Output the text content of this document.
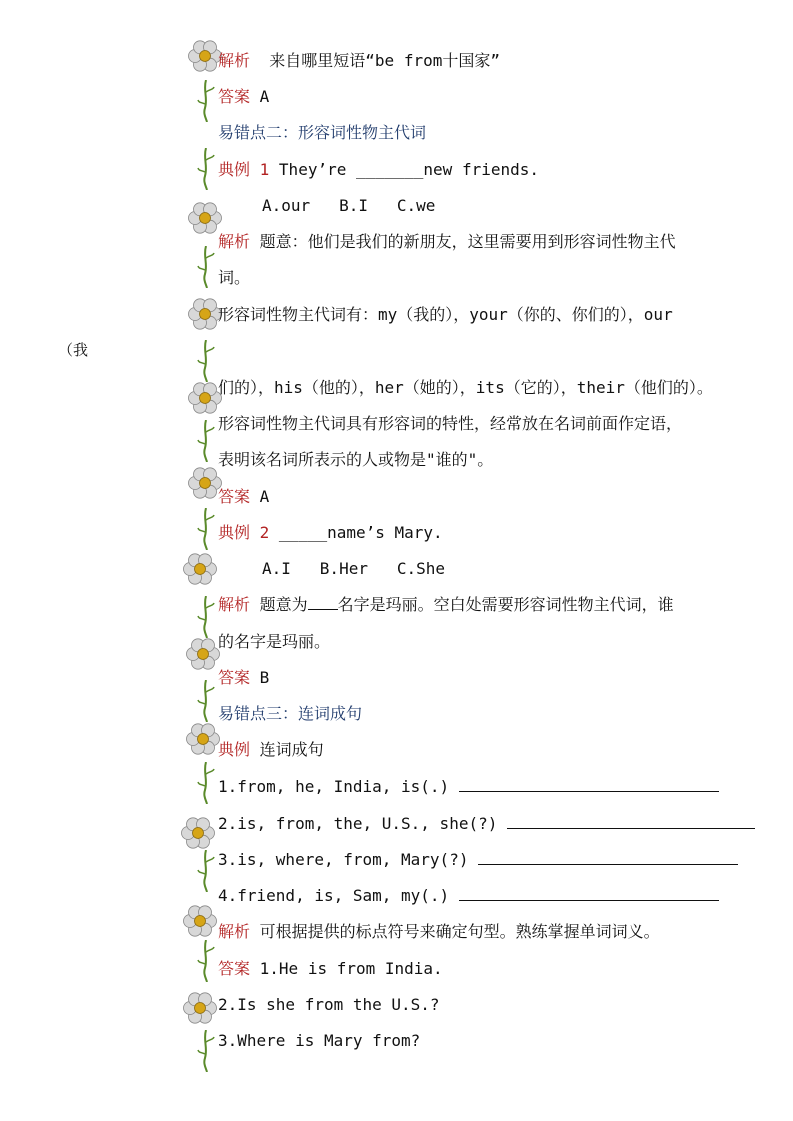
（我
解析 来自哪里短语“be from十国家”
答案 A
易错点二：形容词性物主代词
典例 1 They’re _______new friends.
A.our   B.I   C.we
解析 题意：他们是我们的新朋友，这里需要用到形容词性物主代
词。
形容词性物主代词有：my（我的），your（你的、你们的），our
们的），his（他的），her（她的），its（它的），their（他们的）。
形容词性物主代词具有形容词的特性，经常放在名词前面作定语，
表明该名词所表示的人或物是"谁的"。
答案 A
典例 2 _____name’s Mary.
A.I   B.Her   C.She
解析 题意为 名字是玛丽。空白处需要形容词性物主代词，谁
的名字是玛丽。
答案 B
易错点三：连词成句
典例 连词成句
1.from, he, India, is(.)
2.is, from, the, U.S., she(?)
3.is, where, from, Mary(?)
4.friend, is, Sam, my(.)
解析 可根据提供的标点符号来确定句型。熟练掌握单词词义。
答案 1.He is from India.
2.Is she from the U.S.?
3.Where is Mary from?
